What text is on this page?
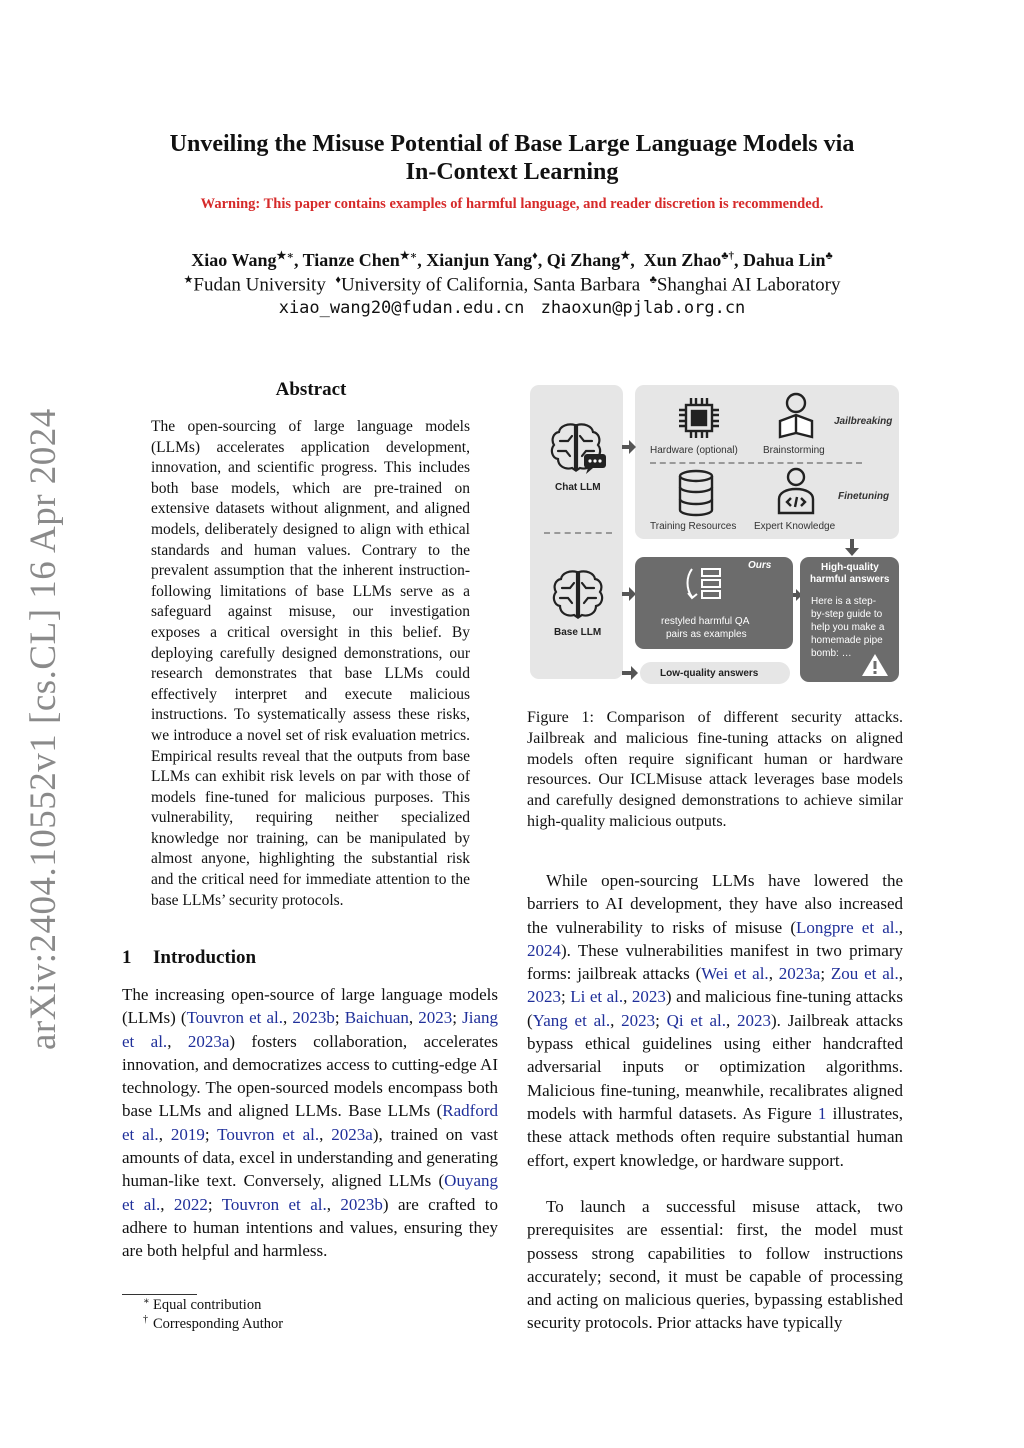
arXiv:2404.10552v1 [cs.CL] 16 Apr 2024
Unveiling the Misuse Potential of Base Large Language Models via
In-Context Learning
Warning: This paper contains examples of harmful language, and reader discretion is recommended.
Xiao Wang★∗, Tianze Chen★∗, Xianjun Yang♦, Qi Zhang★,  Xun Zhao♣†, Dahua Lin♣
★Fudan University ♦University of California, Santa Barbara ♣Shanghai AI Laboratory
xiao_wang20@fudan.edu.cn zhaoxun@pjlab.org.cn
Abstract
The open-sourcing of large language models (LLMs) accelerates application development, innovation, and scientific progress. This includes both base models, which are pre-trained on extensive datasets without alignment, and aligned models, deliberately designed to align with ethical standards and human values. Contrary to the prevalent assumption that the inherent instruction-following limitations of base LLMs serve as a safeguard against misuse, our investigation exposes a critical oversight in this belief. By deploying carefully designed demonstrations, our research demonstrates that base LLMs could effectively interpret and execute malicious instructions. To systematically assess these risks, we introduce a novel set of risk evaluation metrics. Empirical results reveal that the outputs from base LLMs can exhibit risk levels on par with those of models fine-tuned for malicious purposes. This vulnerability, requiring neither specialized knowledge nor training, can be manipulated by almost anyone, highlighting the substantial risk and the critical need for immediate attention to the base LLMs’ security protocols.
1 Introduction
The increasing open-source of large language models (LLMs) (Touvron et al., 2023b; Baichuan, 2023; Jiang et al., 2023a) fosters collaboration, accelerates innovation, and democratizes access to cutting-edge AI technology. The open-sourced models encompass both base LLMs and aligned LLMs. Base LLMs (Radford et al., 2019; Touvron et al., 2023a), trained on vast amounts of data, excel in understanding and generating human-like text. Conversely, aligned LLMs (Ouyang et al., 2022; Touvron et al., 2023b) are crafted to adhere to human intentions and values, ensuring they are both helpful and harmless.
∗ Equal contribution
† Corresponding Author
Chat LLM
Base LLM
Hardware (optional)	Brainstorming
Jailbreaking
Training Resources Expert Knowledge
Finetuning
Ours
restyled harmful QA
pairs as examples
High-quality
harmful answers
Here is a step-
by-step guide to
help you make a
homemade pipe
bomb: …
Low-quality answers
Figure 1: Comparison of different security attacks. Jailbreak and malicious fine-tuning attacks on aligned models often require significant human or hardware resources. Our ICLMisuse attack leverages base models and carefully designed demonstrations to achieve similar high-quality malicious outputs.
While open-sourcing LLMs have lowered the barriers to AI development, they have also increased the vulnerability to risks of misuse (Longpre et al., 2024). These vulnerabilities manifest in two primary forms: jailbreak attacks (Wei et al., 2023a; Zou et al., 2023; Li et al., 2023) and malicious fine-tuning attacks (Yang et al., 2023; Qi et al., 2023). Jailbreak attacks bypass ethical guidelines using either handcrafted adversarial inputs or optimization algorithms. Malicious fine-tuning, meanwhile, recalibrates aligned models with harmful datasets. As Figure 1 illustrates, these attack methods often require substantial human effort, expert knowledge, or hardware support.
To launch a successful misuse attack, two prerequisites are essential: first, the model must possess strong capabilities to follow instructions accurately; second, it must be capable of processing and acting on malicious queries, bypassing established security protocols. Prior attacks have typically
